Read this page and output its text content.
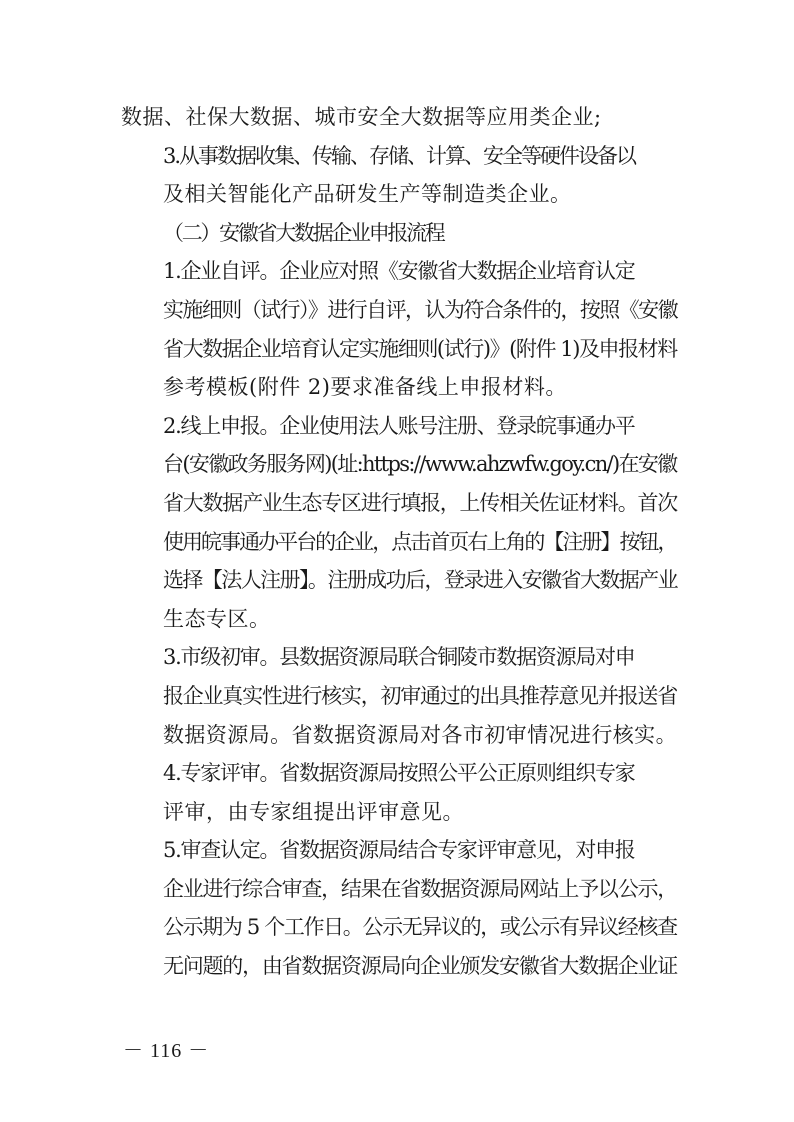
数据、社保大数据、城市安全大数据等应用类企业;

3.从事数据收集、传输、存储、计算、安全等硬件设备以
及相关智能化产品研发生产等制造类企业。

（二）安徽省大数据企业申报流程

1.企业自评。企业应对照《安徽省大数据企业培育认定
实施细则（试行）》进行自评，认为符合条件的，按照《安徽
省大数据企业培育认定实施细则(试行)》(附件 1)及申报材料
参考模板(附件 2)要求准备线上申报材料。

2.线上申报。企业使用法人账号注册、登录皖事通办平
台(安徽政务服务网)(址:https://www.ahzwfw.goy.cn/)在安徽
省大数据产业生态专区进行填报，上传相关佐证材料。首次
使用皖事通办平台的企业，点击首页右上角的【注册】按钮，
选择【法人注册】。注册成功后，登录进入安徽省大数据产业
生态专区。

3.市级初审。县数据资源局联合铜陵市数据资源局对申
报企业真实性进行核实，初审通过的出具推荐意见并报送省
数据资源局。省数据资源局对各市初审情况进行核实。

4.专家评审。省数据资源局按照公平公正原则组织专家
评审，由专家组提出评审意见。

5.审查认定。省数据资源局结合专家评审意见，对申报
企业进行综合审查，结果在省数据资源局网站上予以公示，
公示期为 5 个工作日。公示无异议的，或公示有异议经核查
无问题的，由省数据资源局向企业颁发安徽省大数据企业证

－ 116 －
